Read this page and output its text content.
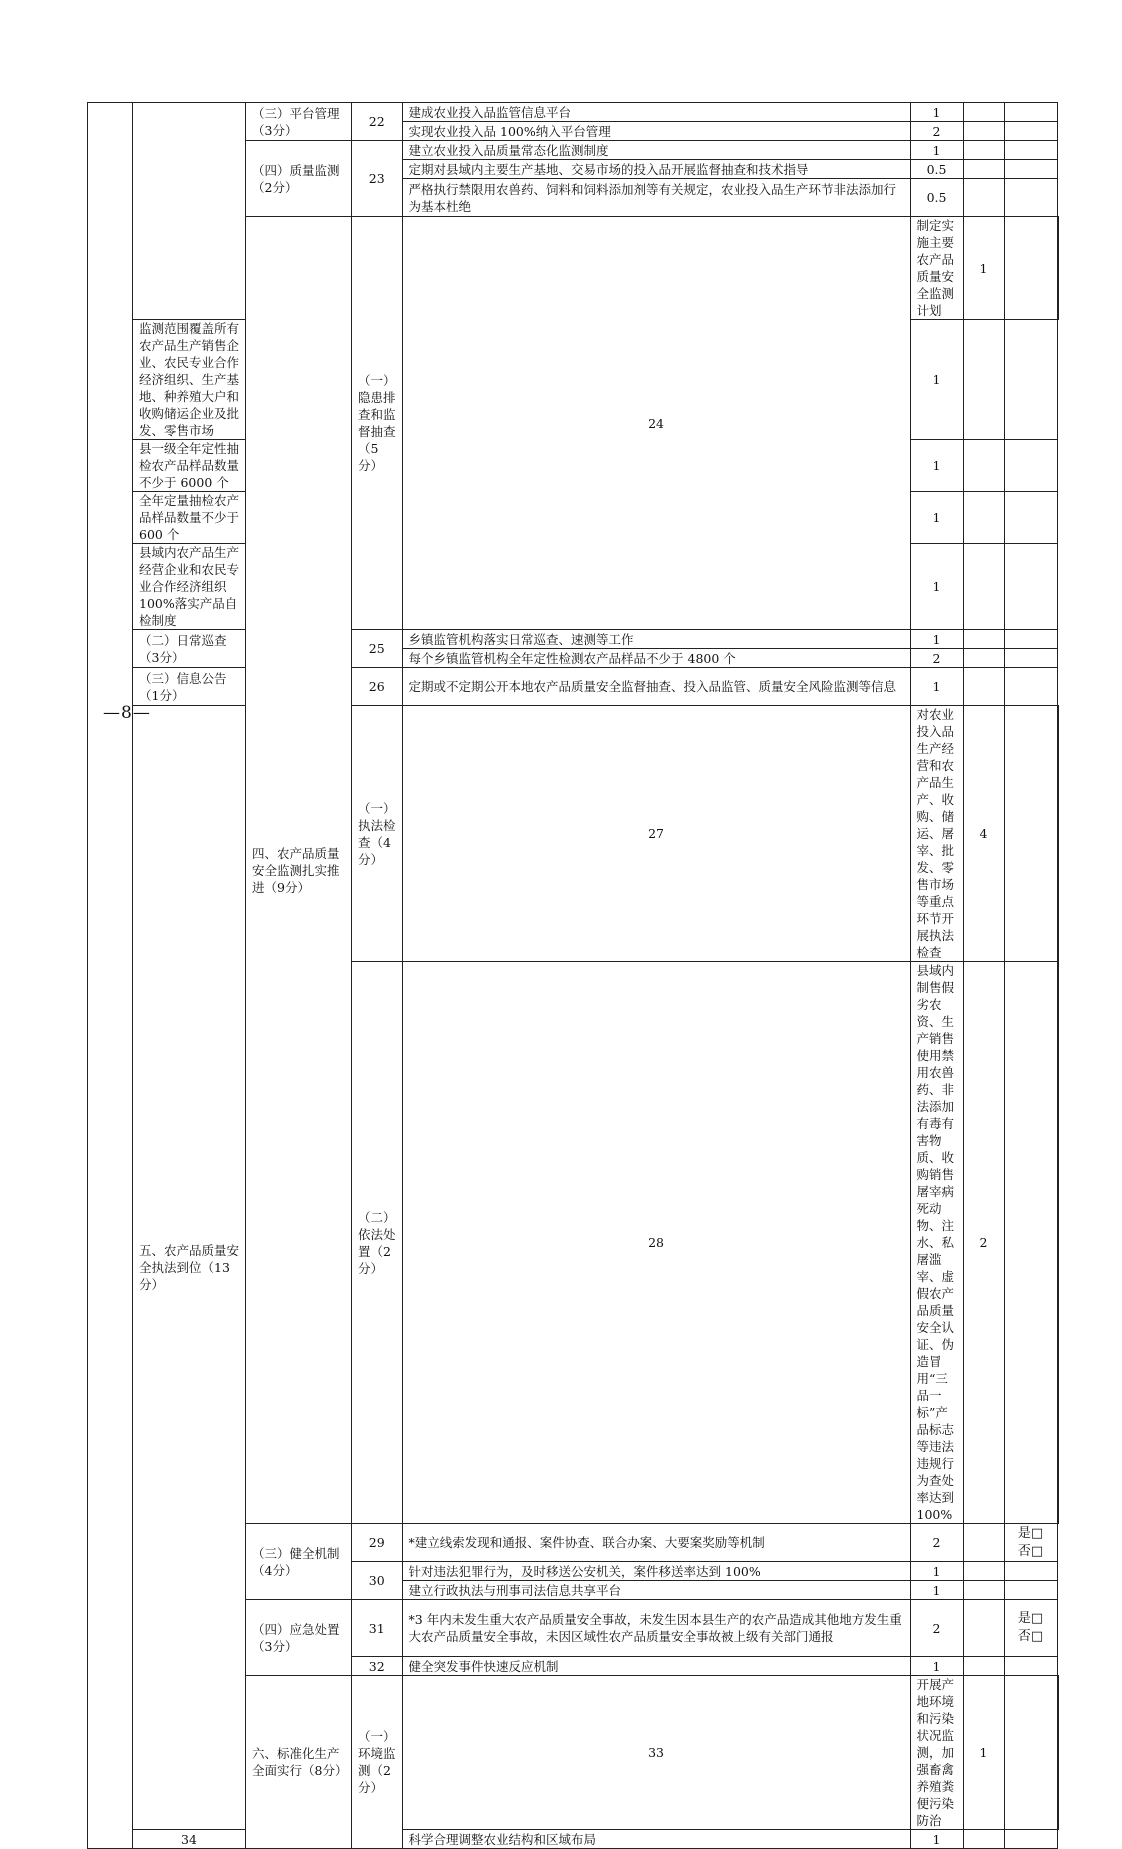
		（三）平台管理（3分）	22	建成农业投入品监管信息平台	1			
				实现农业投入品 100%纳入平台管理	2			
		（四）质量监测（2分）	23	建立农业投入品质量常态化监测制度	1			
				定期对县域内主要生产基地、交易市场的投入品开展监督抽查和技术指导	0.5			
				严格执行禁限用农兽药、饲料和饲料添加剂等有关规定，农业投入品生产环节非法添加行为基本杜绝	0.5			
		四、农产品质量安全监测扎实推进（9分）	（一）隐患排查和监督抽查（5分）	24	制定实施主要农产品质量安全监测计划	1		
	监测范围覆盖所有农产品生产销售企业、农民专业合作经济组织、生产基地、种养殖大户和收购储运企业及批发、零售市场				1			
	县一级全年定性抽检农产品样品数量不少于 6000 个				1			
	全年定量抽检农产品样品数量不少于 600 个				1			
	县域内农产品生产经营企业和农民专业合作经济组织 100%落实产品自检制度				1			
	（二）日常巡查（3分）		25	乡镇监管机构落实日常巡查、速测等工作	1			
				每个乡镇监管机构全年定性检测农产品样品不少于 4800 个	2			
	（三）信息公告（1分）		26	定期或不定期公开本地农产品质量安全监督抽查、投入品监管、质量安全风险监测等信息	1			
	五、农产品质量安全执法到位（13分）		（一）执法检查（4分）	27	对农业投入品生产经营和农产品生产、收购、储运、屠宰、批发、零售市场等重点环节开展执法检查	4		
			（二）依法处置（2分）	28	县域内制售假劣农资、生产销售使用禁用农兽药、非法添加有毒有害物质、收购销售屠宰病死动物、注水、私屠滥宰、虚假农产品质量安全认证、伪造冒用“三品一标”产品标志等违法违规行为查处率达到 100%	2		
		（三）健全机制（4分）	29	*建立线索发现和通报、案件协查、联合办案、大要案奖励等机制	2		是□
否□	

			30	针对违法犯罪行为，及时移送公安机关，案件移送率达到 100%	1			
				建立行政执法与刑事司法信息共享平台	1			
		（四）应急处置（3分）	31	*3 年内未发生重大农产品质量安全事故，未发生因本县生产的农产品造成其他地方发生重大农产品质量安全事故，未因区域性农产品质量安全事故被上级有关部门通报	2		是□
否□	

			32	健全突发事件快速反应机制	1			
		六、标准化生产全面实行（8分）	（一）环境监测（2分）	33	开展产地环境和污染状况监测，加强畜禽养殖粪便污染防治	1		
	34			科学合理调整农业结构和区域布局	1			
—8—
